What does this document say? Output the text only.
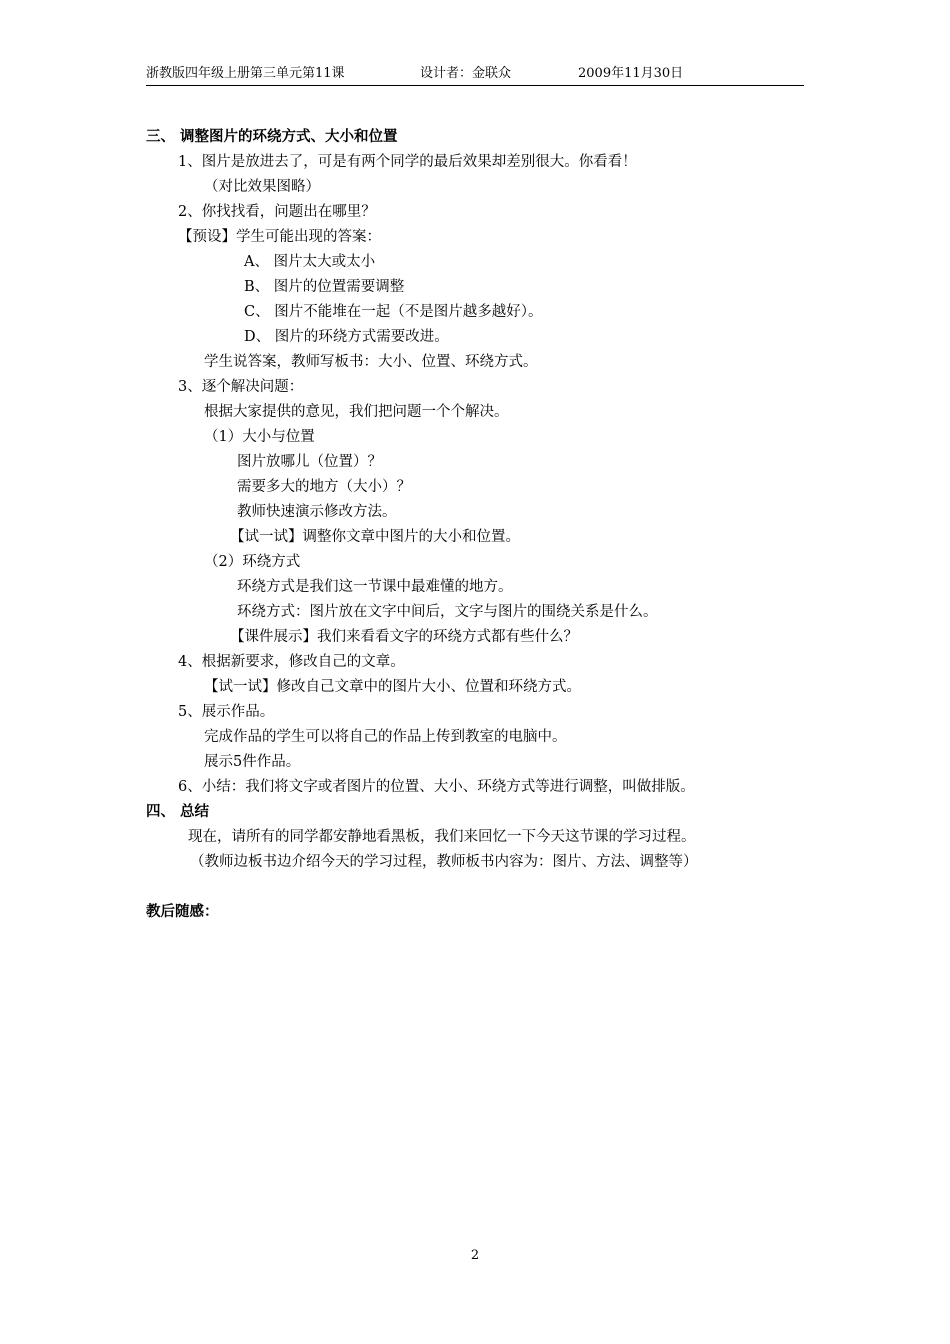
浙教版四年级上册第三单元第11课	设计者：金联众	2009年11月30日
三、 调整图片的环绕方式、大小和位置
1、图片是放进去了，可是有两个同学的最后效果却差别很大。你看看！
（对比效果图略）
2、你找找看，问题出在哪里？
【预设】学生可能出现的答案：
A、 图片太大或太小
B、 图片的位置需要调整
C、 图片不能堆在一起（不是图片越多越好）。
D、 图片的环绕方式需要改进。
学生说答案，教师写板书：大小、位置、环绕方式。
3、逐个解决问题：
根据大家提供的意见，我们把问题一个个解决。
（1）大小与位置
图片放哪儿（位置）？
需要多大的地方（大小）？
教师快速演示修改方法。
【试一试】调整你文章中图片的大小和位置。
（2）环绕方式
环绕方式是我们这一节课中最难懂的地方。
环绕方式：图片放在文字中间后，文字与图片的围绕关系是什么。
【课件展示】我们来看看文字的环绕方式都有些什么？
4、根据新要求，修改自己的文章。
【试一试】修改自己文章中的图片大小、位置和环绕方式。
5、展示作品。
完成作品的学生可以将自己的作品上传到教室的电脑中。
展示5件作品。
6、小结：我们将文字或者图片的位置、大小、环绕方式等进行调整，叫做排版。
四、 总结
现在，请所有的同学都安静地看黑板，我们来回忆一下今天这节课的学习过程。
（教师边板书边介绍今天的学习过程，教师板书内容为：图片、方法、调整等）
教后随感：
2
